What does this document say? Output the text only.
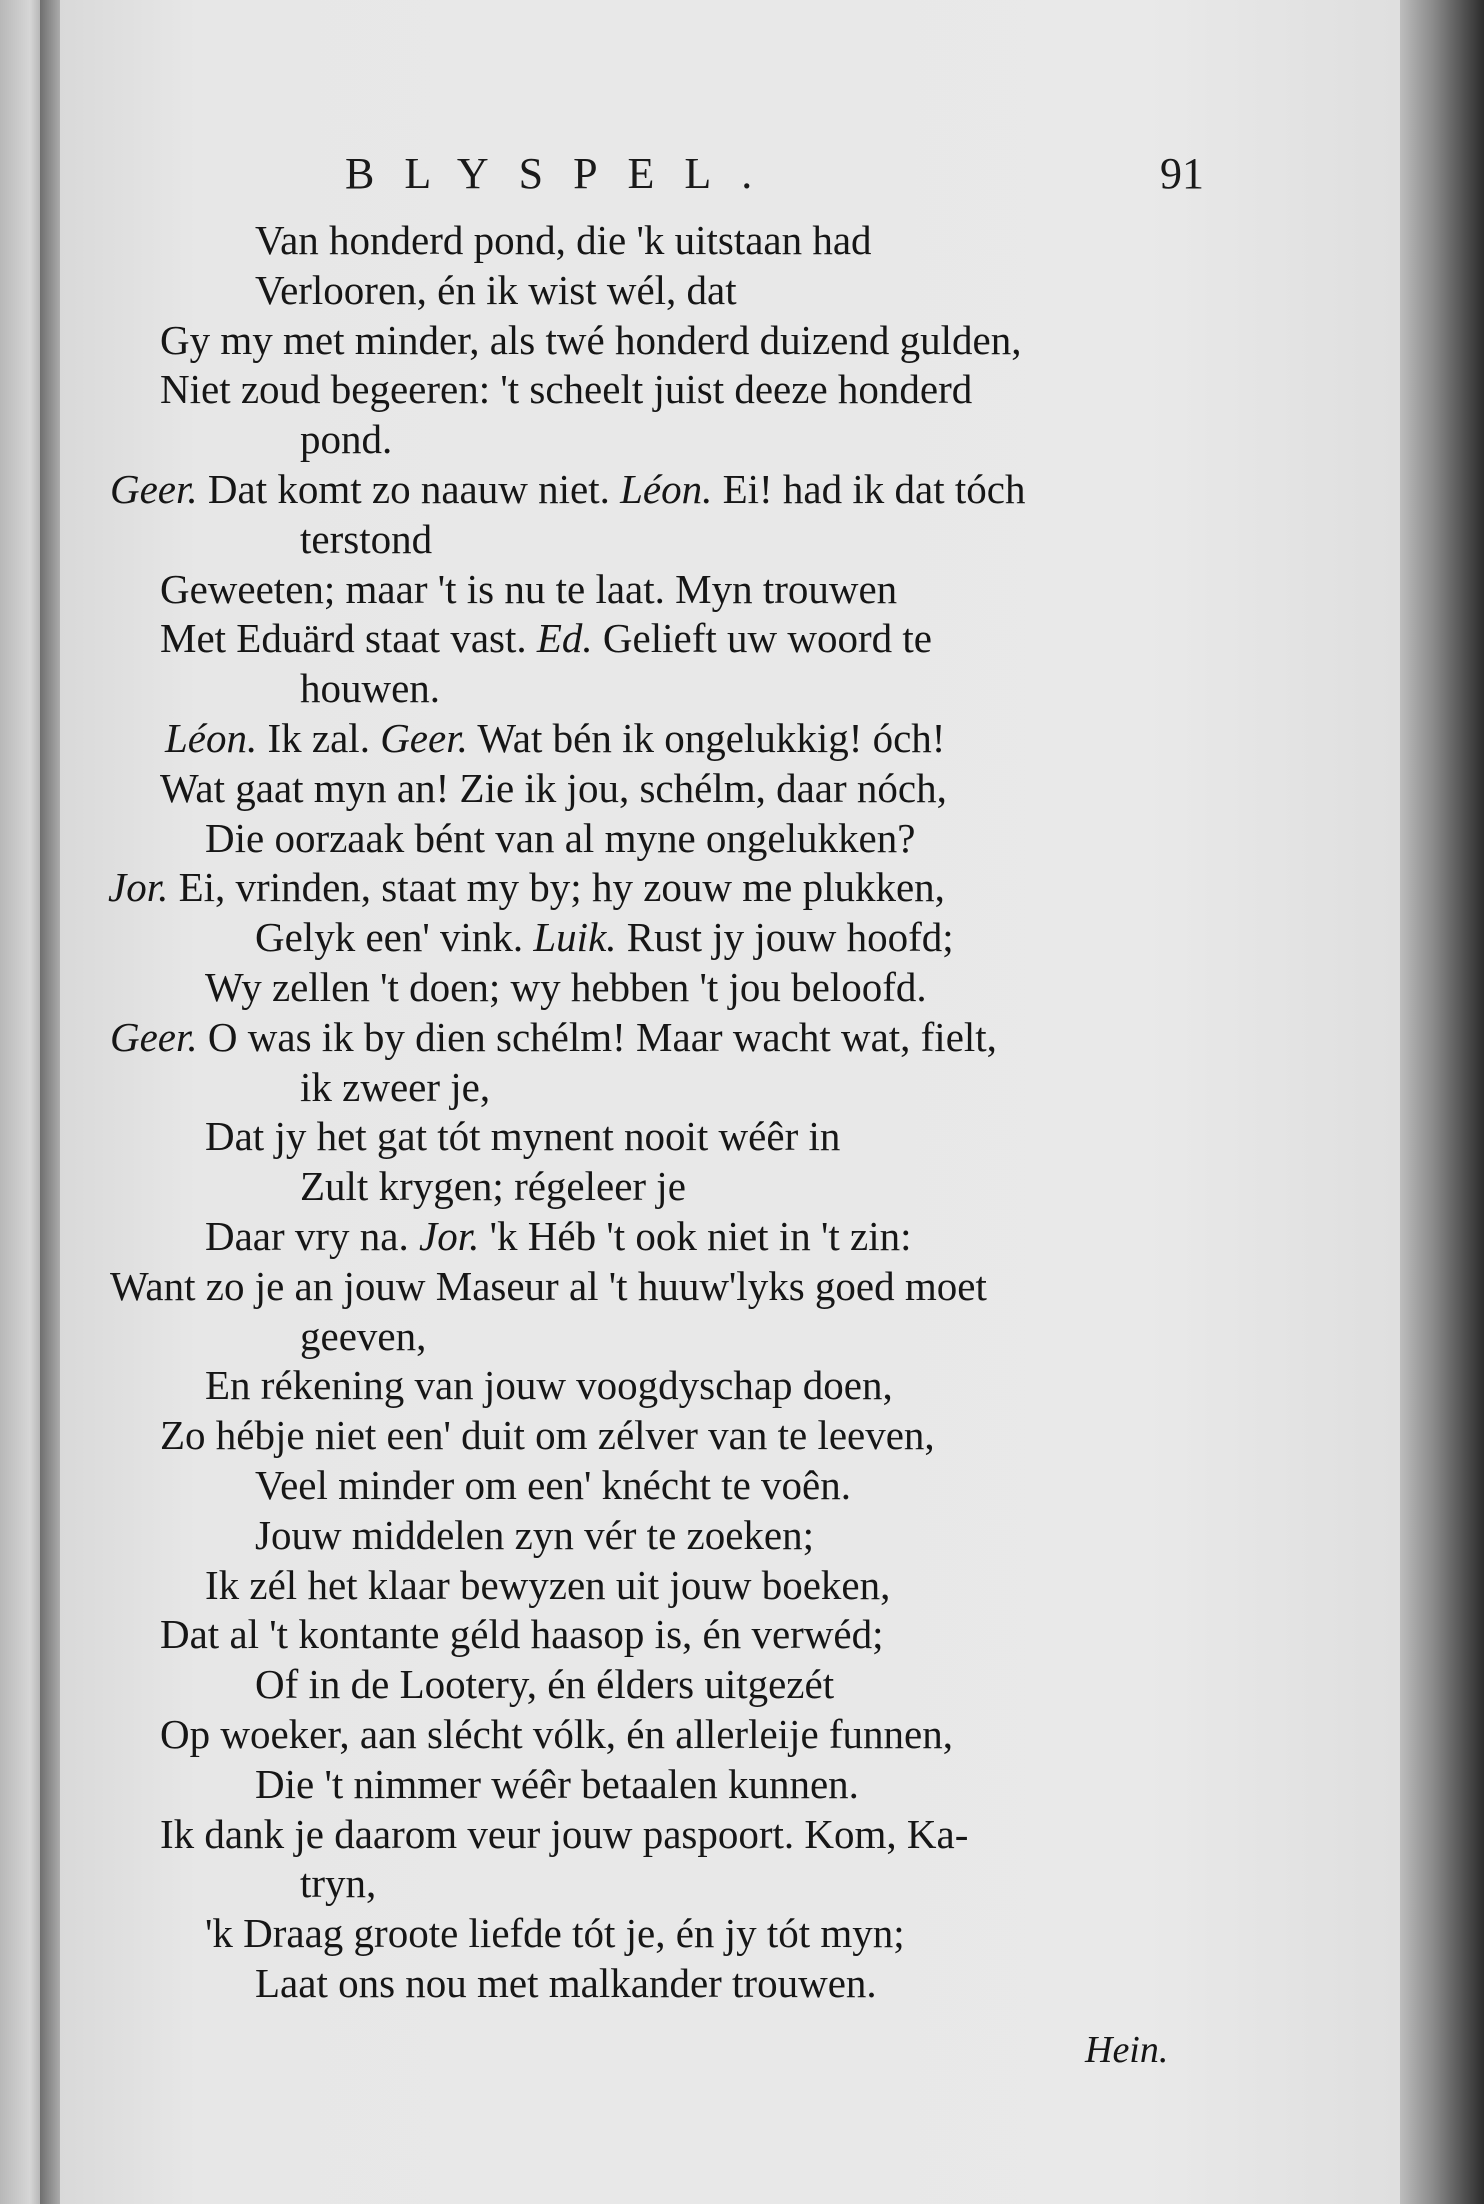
BLYSPEL.	91
Van honderd pond, die 'k uitstaan had
Verlooren, én ik wist wél, dat
Gy my met minder, als twé honderd duizend gulden,
Niet zoud begeeren: 't scheelt juist deeze honderd
pond.
Geer. Dat komt zo naauw niet. Léon. Ei! had ik dat tóch
terstond
Geweeten; maar 't is nu te laat. Myn trouwen
Met Eduärd staat vast. Ed. Gelieft uw woord te
houwen.
Léon. Ik zal. Geer. Wat bén ik ongelukkig! óch!
Wat gaat myn an! Zie ik jou, schélm, daar nóch,
Die oorzaak bént van al myne ongelukken?
Jor. Ei, vrinden, staat my by; hy zouw me plukken,
Gelyk een' vink. Luik. Rust jy jouw hoofd;
Wy zellen 't doen; wy hebben 't jou beloofd.
Geer. O was ik by dien schélm! Maar wacht wat, fielt,
ik zweer je,
Dat jy het gat tót mynent nooit wéêr in
Zult krygen; régeleer je
Daar vry na. Jor. 'k Héb 't ook niet in 't zin:
Want zo je an jouw Maseur al 't huuw'lyks goed moet
geeven,
En rékening van jouw voogdyschap doen,
Zo hébje niet een' duit om zélver van te leeven,
Veel minder om een' knécht te voên.
Jouw middelen zyn vér te zoeken;
Ik zél het klaar bewyzen uit jouw boeken,
Dat al 't kontante géld haasop is, én verwéd;
Of in de Lootery, én élders uitgezét
Op woeker, aan slécht vólk, én allerleije funnen,
Die 't nimmer wéêr betaalen kunnen.
Ik dank je daarom veur jouw paspoort. Kom, Ka-
tryn,
'k Draag groote liefde tót je, én jy tót myn;
Laat ons nou met malkander trouwen.
Hein.
